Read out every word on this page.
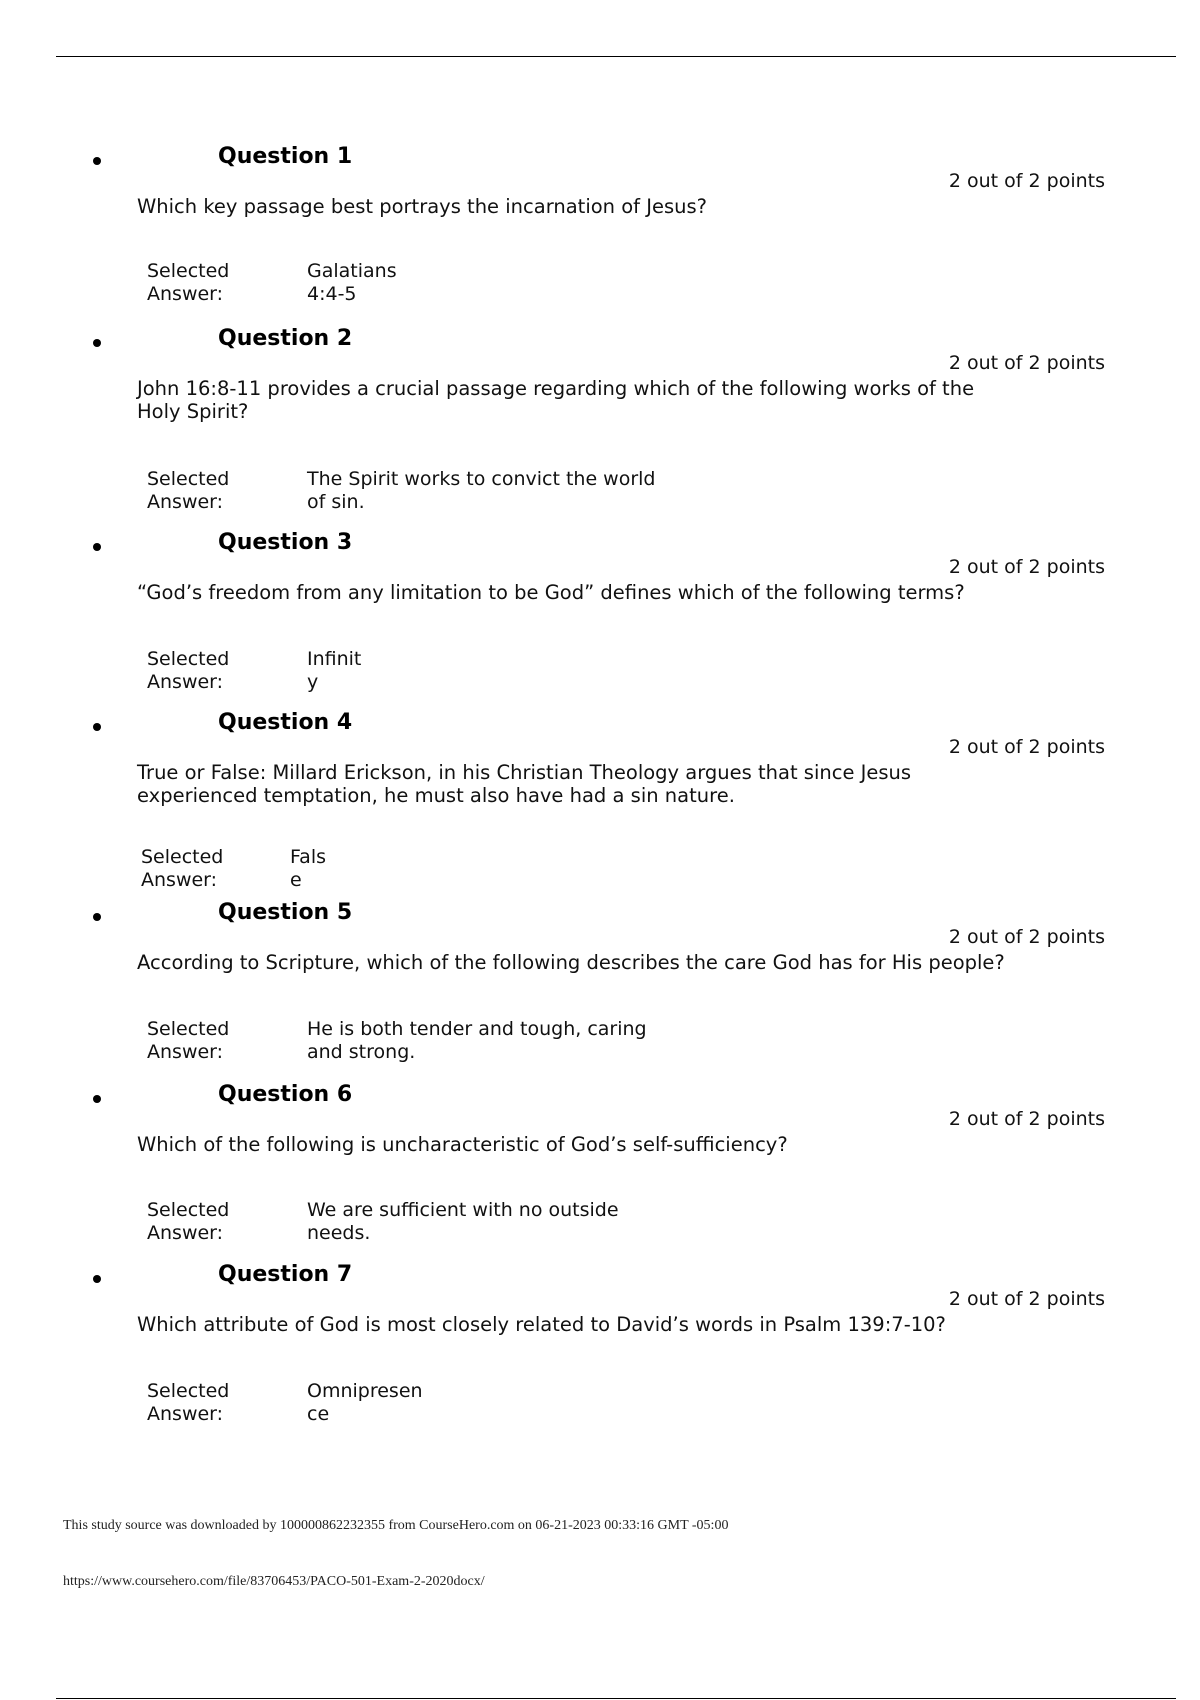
Question 1
2 out of 2 points
Which key passage best portrays the incarnation of Jesus?
Selected
Answer:
Galatians
4:4-5
Question 2
2 out of 2 points
John 16:8-11 provides a crucial passage regarding which of the following works of the Holy Spirit?
Selected
Answer:
The Spirit works to convict the world
of sin.
Question 3
2 out of 2 points
“God’s freedom from any limitation to be God” defines which of the following terms?
Selected
Answer:
Infinit
y
Question 4
2 out of 2 points
True or False: Millard Erickson, in his Christian Theology argues that since Jesus experienced temptation, he must also have had a sin nature.
Selected
Answer:
Fals
e
Question 5
2 out of 2 points
According to Scripture, which of the following describes the care God has for His people?
Selected
Answer:
He is both tender and tough, caring
and strong.
Question 6
2 out of 2 points
Which of the following is uncharacteristic of God’s self-sufficiency?
Selected
Answer:
We are sufficient with no outside
needs.
Question 7
2 out of 2 points
Which attribute of God is most closely related to David’s words in Psalm 139:7-10?
Selected
Answer:
Omnipresen
ce
This study source was downloaded by 100000862232355 from CourseHero.com on 06-21-2023 00:33:16 GMT -05:00
https://www.coursehero.com/file/83706453/PACO-501-Exam-2-2020docx/
